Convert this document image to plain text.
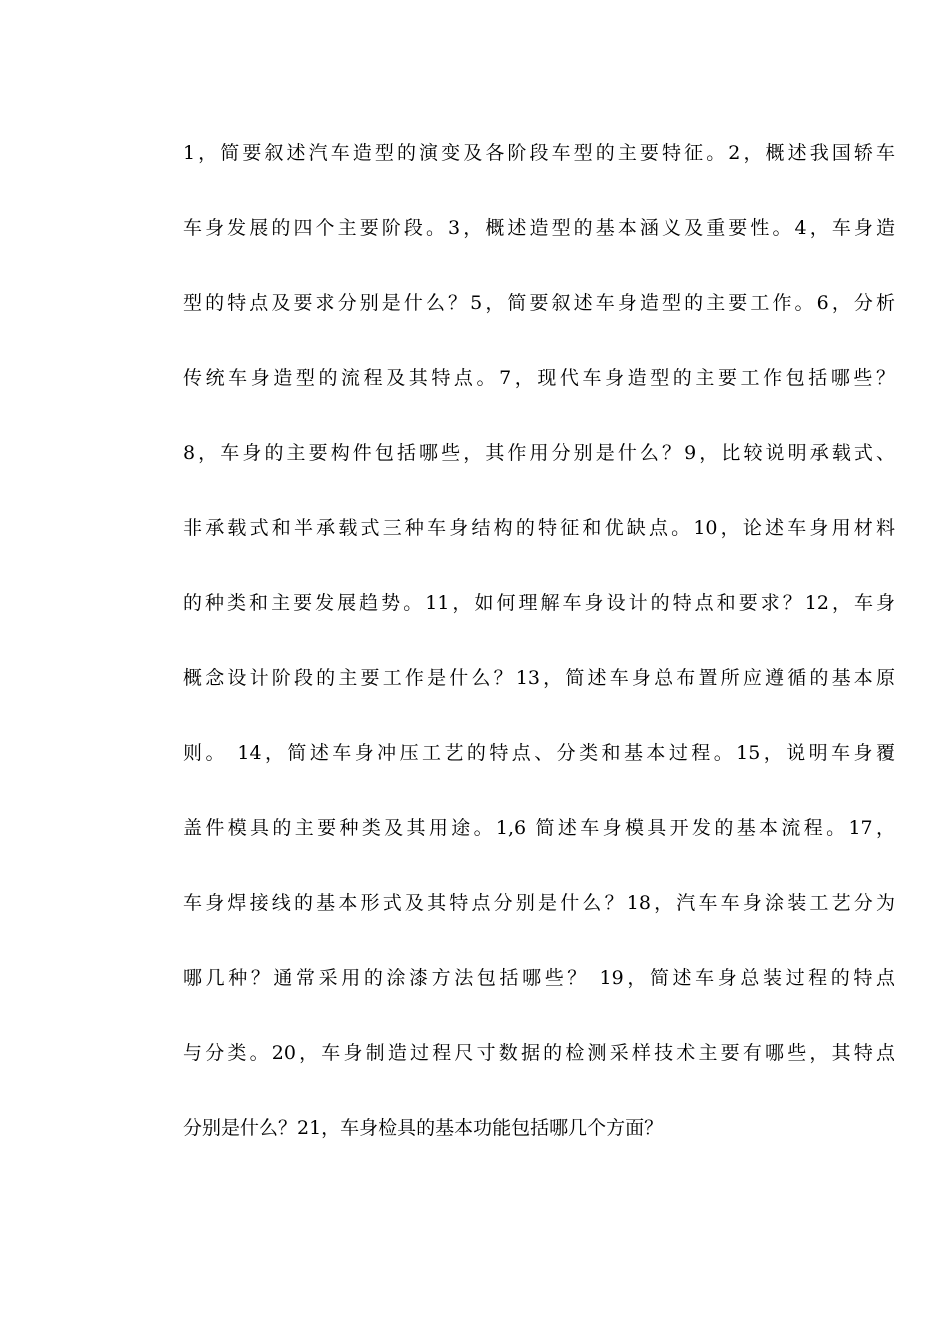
1，简要叙述汽车造型的演变及各阶段车型的主要特征。2，概述我国轿车
车身发展的四个主要阶段。3，概述造型的基本涵义及重要性。4，车身造
型的特点及要求分别是什么？5，简要叙述车身造型的主要工作。6，分析
传统车身造型的流程及其特点。7，现代车身造型的主要工作包括哪些？
8，车身的主要构件包括哪些，其作用分别是什么？9，比较说明承载式、
非承载式和半承载式三种车身结构的特征和优缺点。10，论述车身用材料
的种类和主要发展趋势。11，如何理解车身设计的特点和要求？12，车身
概念设计阶段的主要工作是什么？13，简述车身总布置所应遵循的基本原
则。 14，简述车身冲压工艺的特点、分类和基本过程。15，说明车身覆
盖件模具的主要种类及其用途。1,6 简述车身模具开发的基本流程。17，
车身焊接线的基本形式及其特点分别是什么？18，汽车车身涂装工艺分为
哪几种？通常采用的涂漆方法包括哪些？ 19，简述车身总装过程的特点
与分类。20，车身制造过程尺寸数据的检测采样技术主要有哪些，其特点
分别是什么？21，车身检具的基本功能包括哪几个方面？
